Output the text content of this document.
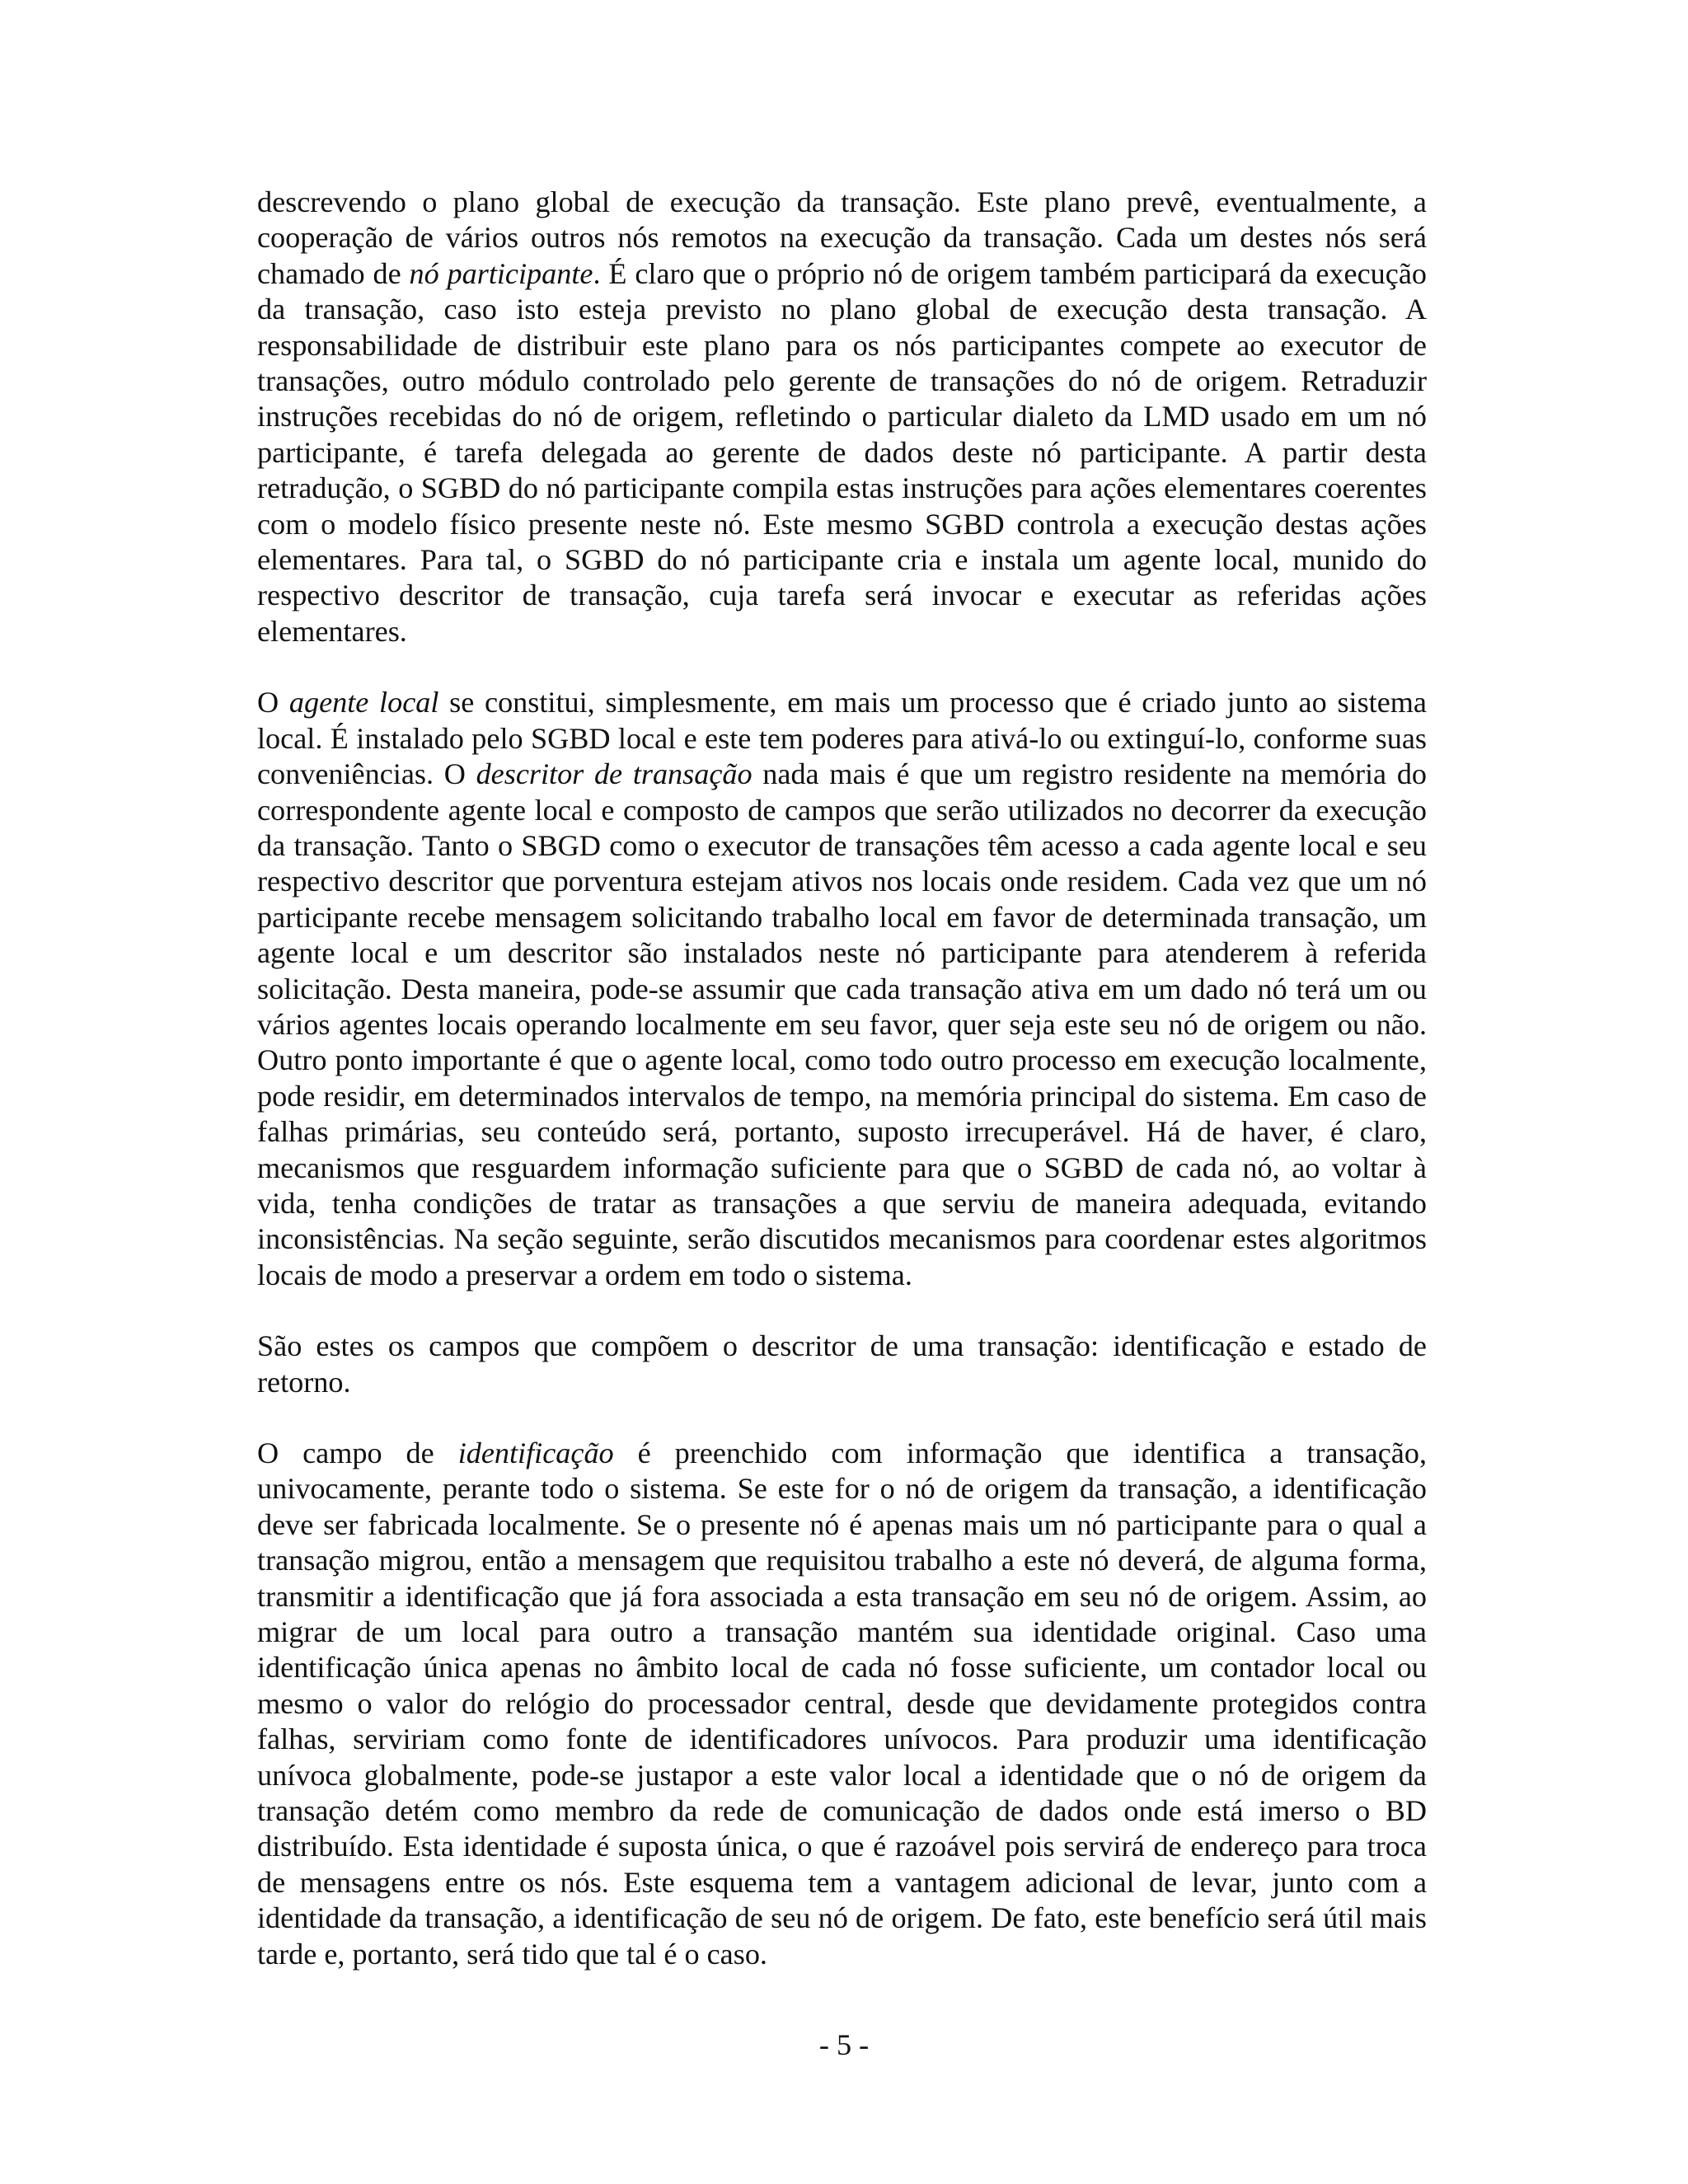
descrevendo o plano global de execução da transação. Este plano prevê, eventualmente, a cooperação de vários outros nós remotos na execução da transação. Cada um destes nós será chamado de nó participante. É claro que o próprio nó de origem também participará da execução da transação, caso isto esteja previsto no plano global de execução desta transação. A responsabilidade de distribuir este plano para os nós participantes compete ao executor de transações, outro módulo controlado pelo gerente de transações do nó de origem. Retraduzir instruções recebidas do nó de origem, refletindo o particular dialeto da LMD usado em um nó participante, é tarefa delegada ao gerente de dados deste nó participante. A partir desta retradução, o SGBD do nó participante compila estas instruções para ações elementares coerentes com o modelo físico presente neste nó. Este mesmo SGBD controla a execução destas ações elementares. Para tal, o SGBD do nó participante cria e instala um agente local, munido do respectivo descritor de transação, cuja tarefa será invocar e executar as referidas ações elementares.

O agente local se constitui, simplesmente, em mais um processo que é criado junto ao sistema local. É instalado pelo SGBD local e este tem poderes para ativá-lo ou extinguí-lo, conforme suas conveniências. O descritor de transação nada mais é que um registro residente na memória do correspondente agente local e composto de campos que serão utilizados no decorrer da execução da transação. Tanto o SBGD como o executor de transações têm acesso a cada agente local e seu respectivo descritor que porventura estejam ativos nos locais onde residem. Cada vez que um nó participante recebe mensagem solicitando trabalho local em favor de determinada transação, um agente local e um descritor são instalados neste nó participante para atenderem à referida solicitação. Desta maneira, pode-se assumir que cada transação ativa em um dado nó terá um ou vários agentes locais operando localmente em seu favor, quer seja este seu nó de origem ou não. Outro ponto importante é que o agente local, como todo outro processo em execução localmente, pode residir, em determinados intervalos de tempo, na memória principal do sistema. Em caso de falhas primárias, seu conteúdo será, portanto, suposto irrecuperável. Há de haver, é claro, mecanismos que resguardem informação suficiente para que o SGBD de cada nó, ao voltar à vida, tenha condições de tratar as transações a que serviu de maneira adequada, evitando inconsistências. Na seção seguinte, serão discutidos mecanismos para coordenar estes algoritmos locais de modo a preservar a ordem em todo o sistema.

São estes os campos que compõem o descritor de uma transação: identificação e estado de retorno.

O campo de identificação é preenchido com informação que identifica a transação, univocamente, perante todo o sistema. Se este for o nó de origem da transação, a identificação deve ser fabricada localmente. Se o presente nó é apenas mais um nó participante para o qual a transação migrou, então a mensagem que requisitou trabalho a este nó deverá, de alguma forma, transmitir a identificação que já fora associada a esta transação em seu nó de origem. Assim, ao migrar de um local para outro a transação mantém sua identidade original. Caso uma identificação única apenas no âmbito local de cada nó fosse suficiente, um contador local ou mesmo o valor do relógio do processador central, desde que devidamente protegidos contra falhas, serviriam como fonte de identificadores unívocos. Para produzir uma identificação unívoca globalmente, pode-se justapor a este valor local a identidade que o nó de origem da transação detém como membro da rede de comunicação de dados onde está imerso o BD distribuído. Esta identidade é suposta única, o que é razoável pois servirá de endereço para troca de mensagens entre os nós. Este esquema tem a vantagem adicional de levar, junto com a identidade da transação, a identificação de seu nó de origem. De fato, este benefício será útil mais tarde e, portanto, será tido que tal é o caso.

- 5 -
